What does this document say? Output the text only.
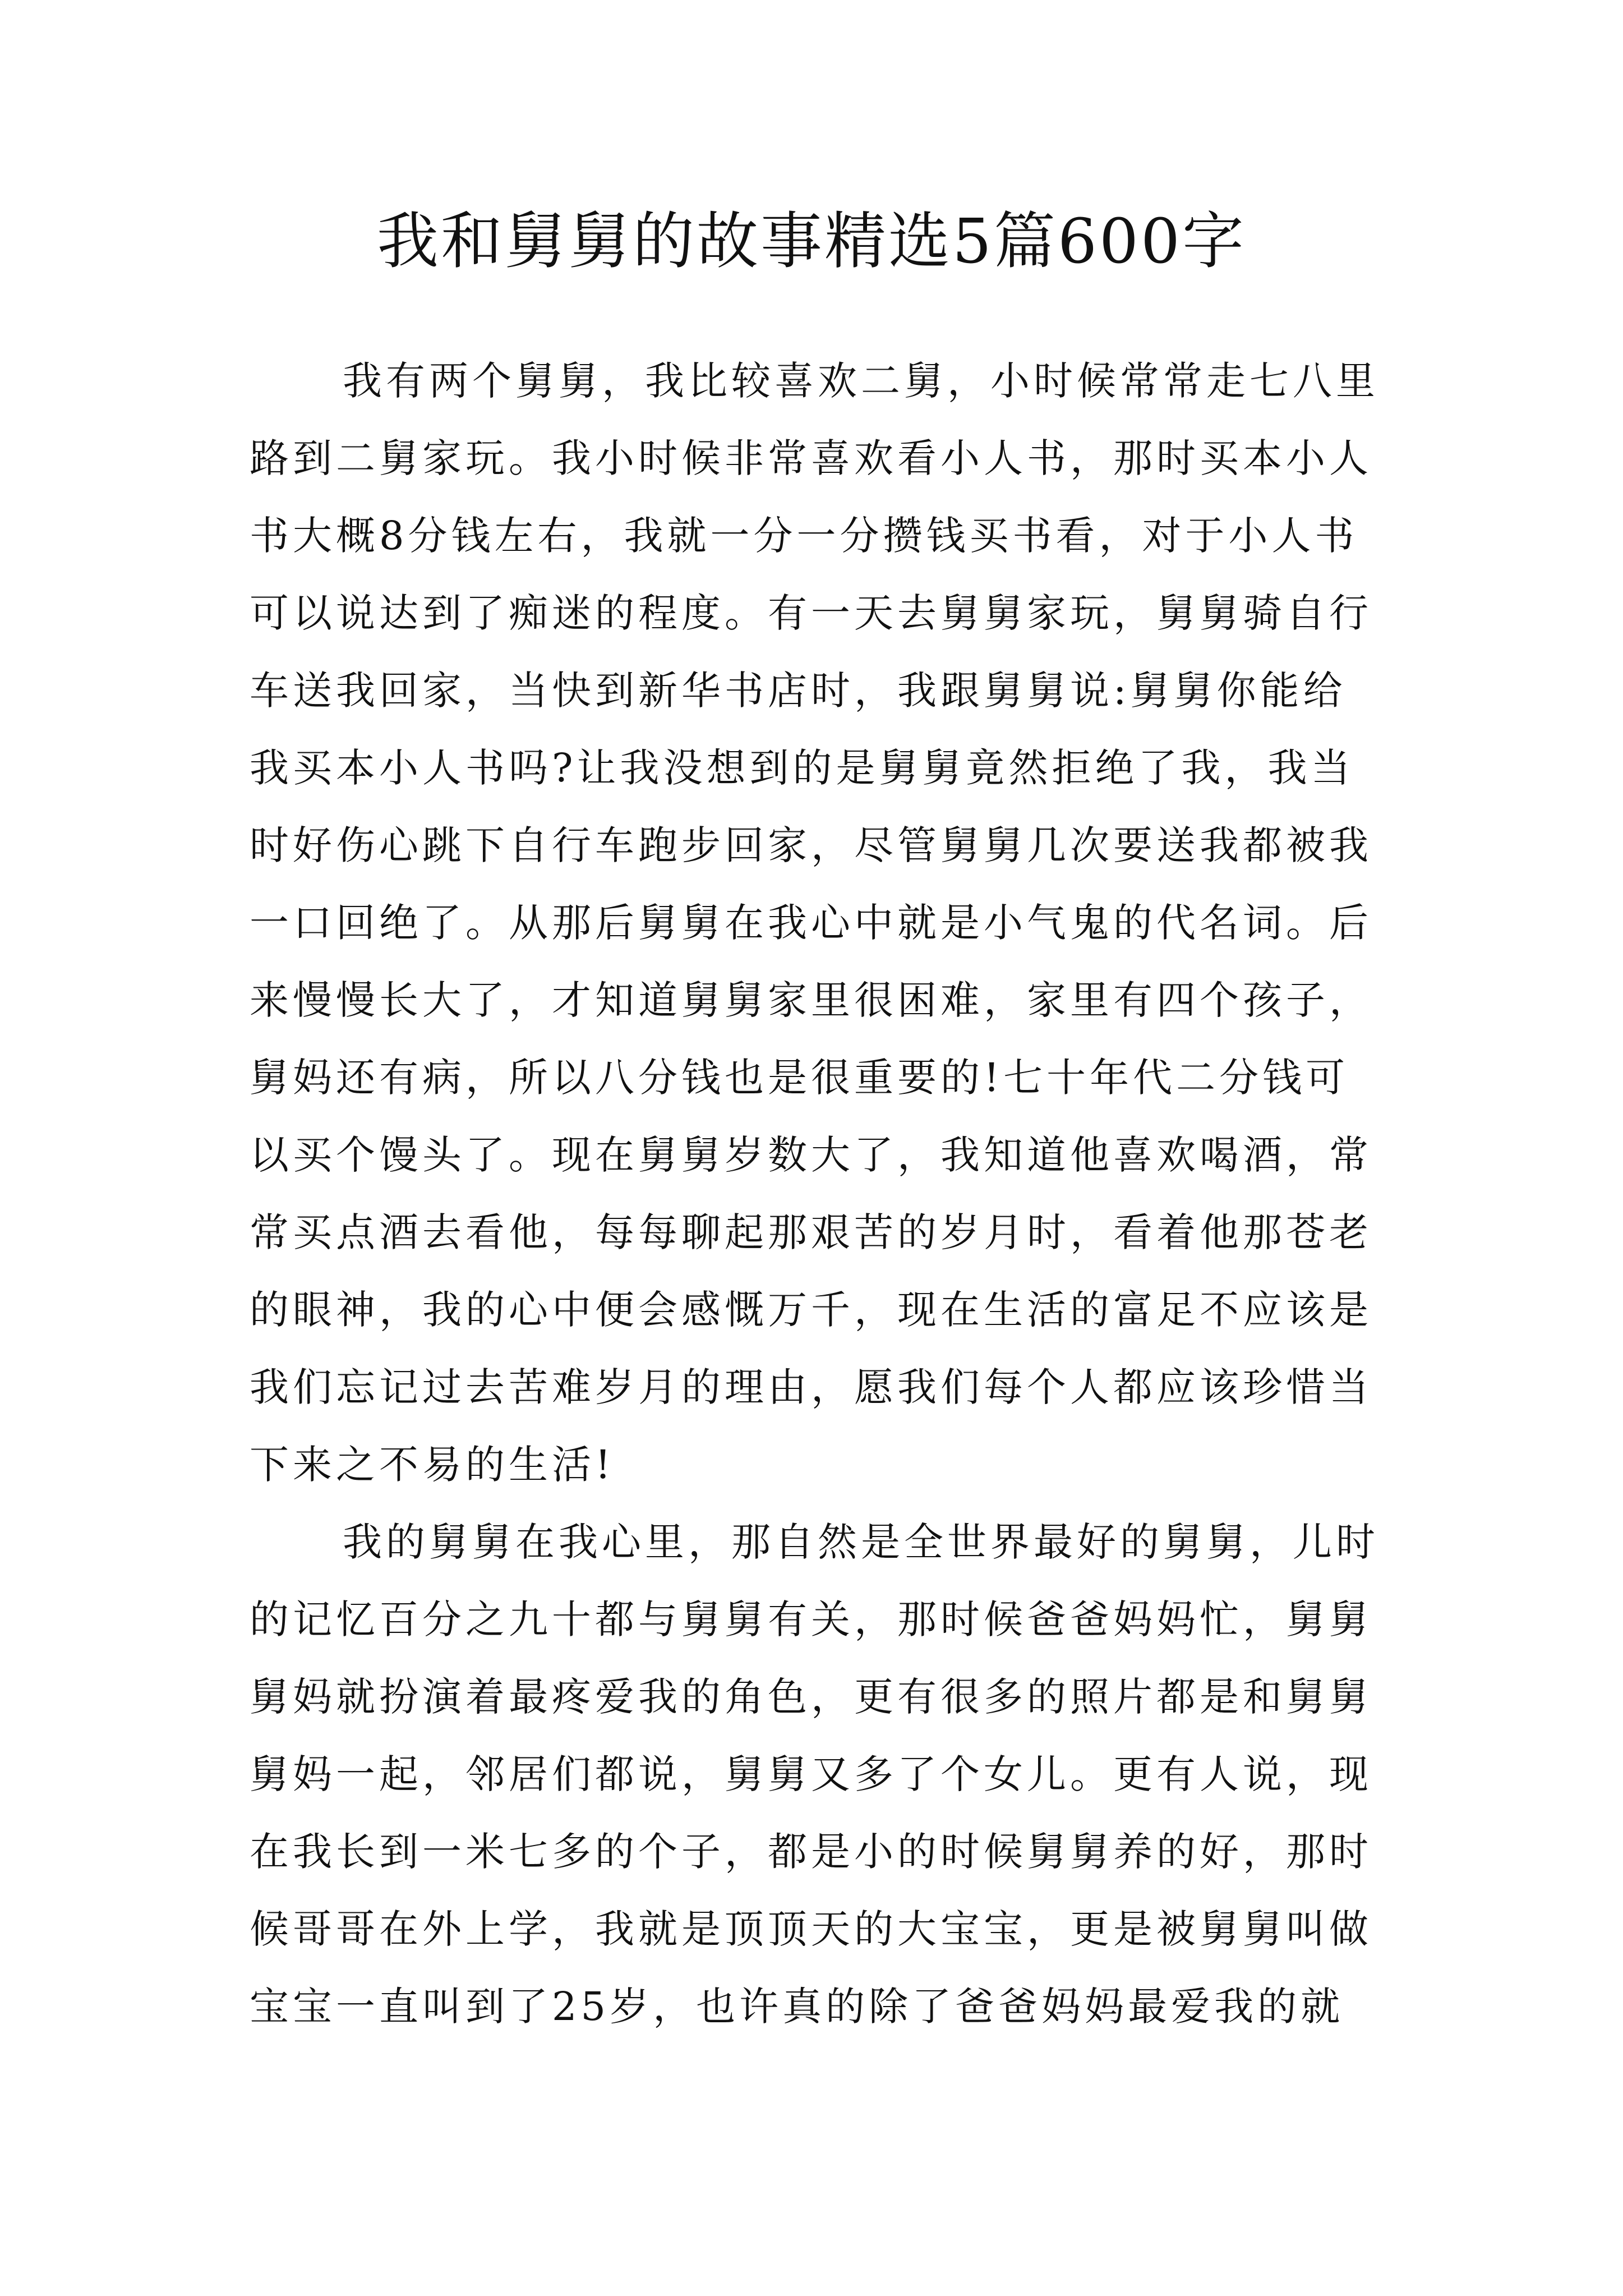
我和舅舅的故事精选5篇600字

我有两个舅舅，我比较喜欢二舅，小时候常常走七八里
路到二舅家玩。我小时候非常喜欢看小人书，那时买本小人
书大概8分钱左右，我就一分一分攒钱买书看，对于小人书
可以说达到了痴迷的程度。有一天去舅舅家玩，舅舅骑自行
车送我回家，当快到新华书店时，我跟舅舅说:舅舅你能给
我买本小人书吗?让我没想到的是舅舅竟然拒绝了我，我当
时好伤心跳下自行车跑步回家，尽管舅舅几次要送我都被我
一口回绝了。从那后舅舅在我心中就是小气鬼的代名词。后
来慢慢长大了，才知道舅舅家里很困难，家里有四个孩子，
舅妈还有病，所以八分钱也是很重要的!七十年代二分钱可
以买个馒头了。现在舅舅岁数大了，我知道他喜欢喝酒，常
常买点酒去看他，每每聊起那艰苦的岁月时，看着他那苍老
的眼神，我的心中便会感慨万千，现在生活的富足不应该是
我们忘记过去苦难岁月的理由，愿我们每个人都应该珍惜当
下来之不易的生活!

我的舅舅在我心里，那自然是全世界最好的舅舅，儿时
的记忆百分之九十都与舅舅有关，那时候爸爸妈妈忙，舅舅
舅妈就扮演着最疼爱我的角色，更有很多的照片都是和舅舅
舅妈一起，邻居们都说，舅舅又多了个女儿。更有人说，现
在我长到一米七多的个子，都是小的时候舅舅养的好，那时
候哥哥在外上学，我就是顶顶天的大宝宝，更是被舅舅叫做
宝宝一直叫到了25岁，也许真的除了爸爸妈妈最爱我的就
